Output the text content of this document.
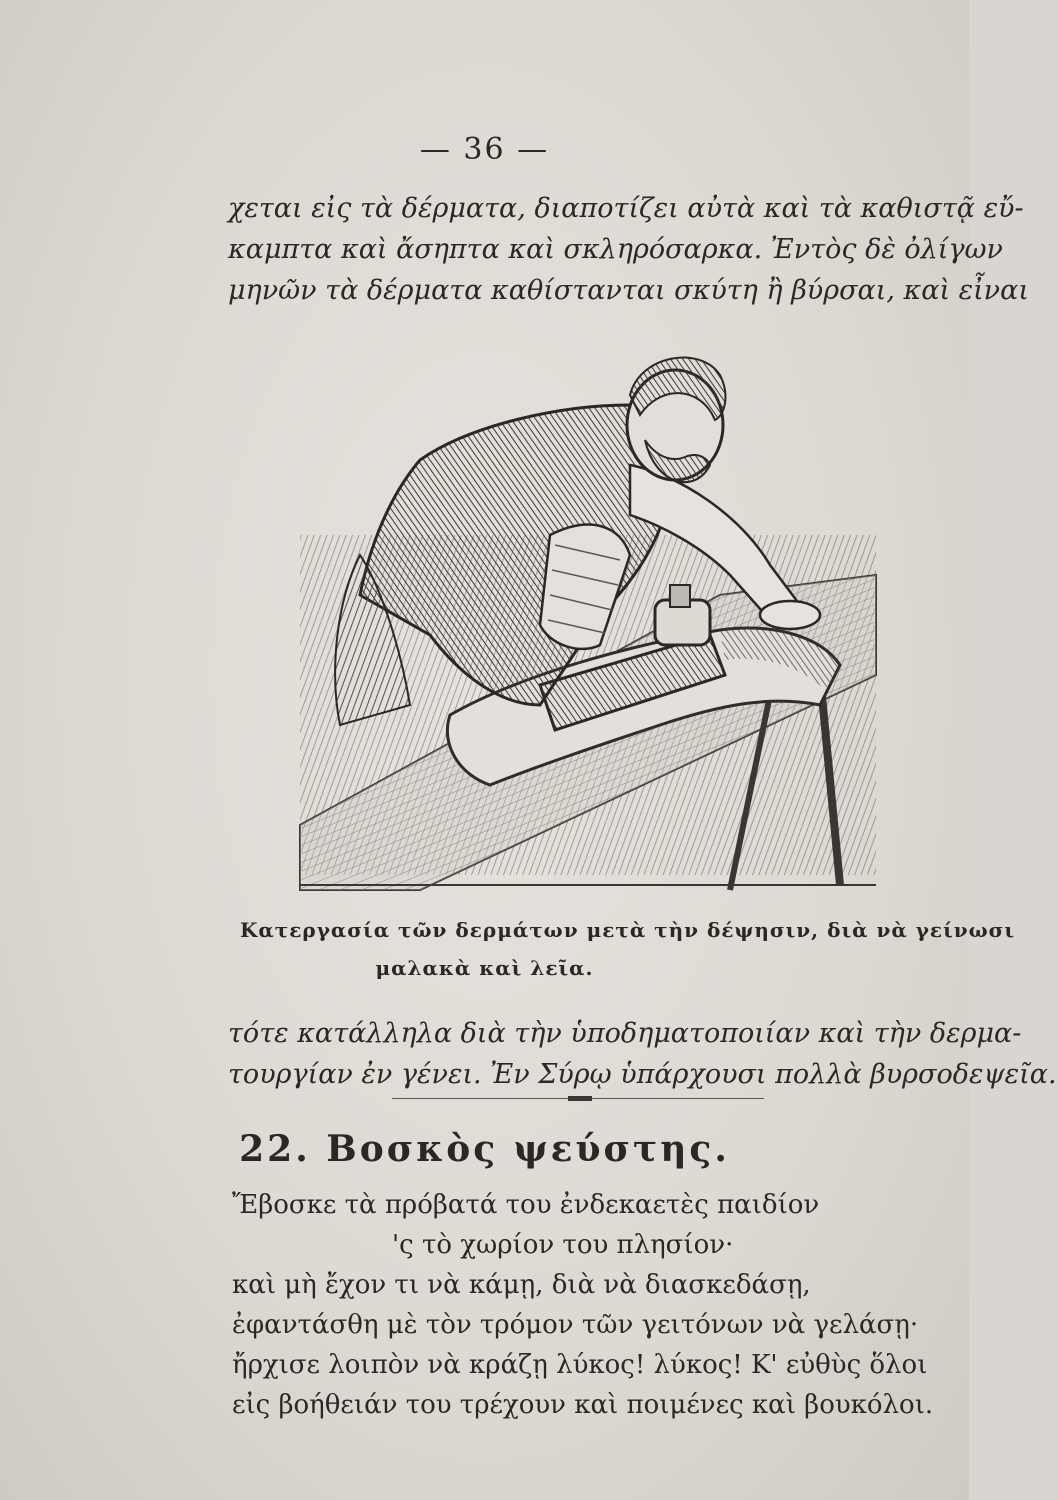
— 36 —
χεται εἰς τὰ δέρματα, διαποτίζει αὐτὰ καὶ τὰ καθιστᾷ εὔ-
καμπτα καὶ ἄσηπτα καὶ σκληρόσαρκα. Ἐντὸς δὲ ὀλίγων
μηνῶν τὰ δέρματα καθίστανται σκύτη ἢ βύρσαι, καὶ εἶναι
Κατεργασία τῶν δερμάτων μετὰ τὴν δέψησιν, διὰ νὰ γείνωσι
μαλακὰ καὶ λεῖα.
τότε κατάλληλα διὰ τὴν ὑποδηματοποιίαν καὶ τὴν δερμα-
τουργίαν ἐν γένει. Ἐν Σύρῳ ὑπάρχουσι πολλὰ βυρσοδεψεῖα.
22. Βοσκὸς ψεύστης.
Ἔβοσκε τὰ πρόβατά του ἐνδεκαετὲς παιδίον
'ς τὸ χωρίον του πλησίον·
καὶ μὴ ἔχον τι νὰ κάμῃ, διὰ νὰ διασκεδάσῃ,
ἐφαντάσθη μὲ τὸν τρόμον τῶν γειτόνων νὰ γελάσῃ·
ἤρχισε λοιπὸν νὰ κράζῃ λύκος! λύκος! Κ' εὐθὺς ὅλοι
εἰς βοήθειάν του τρέχουν καὶ ποιμένες καὶ βουκόλοι.
